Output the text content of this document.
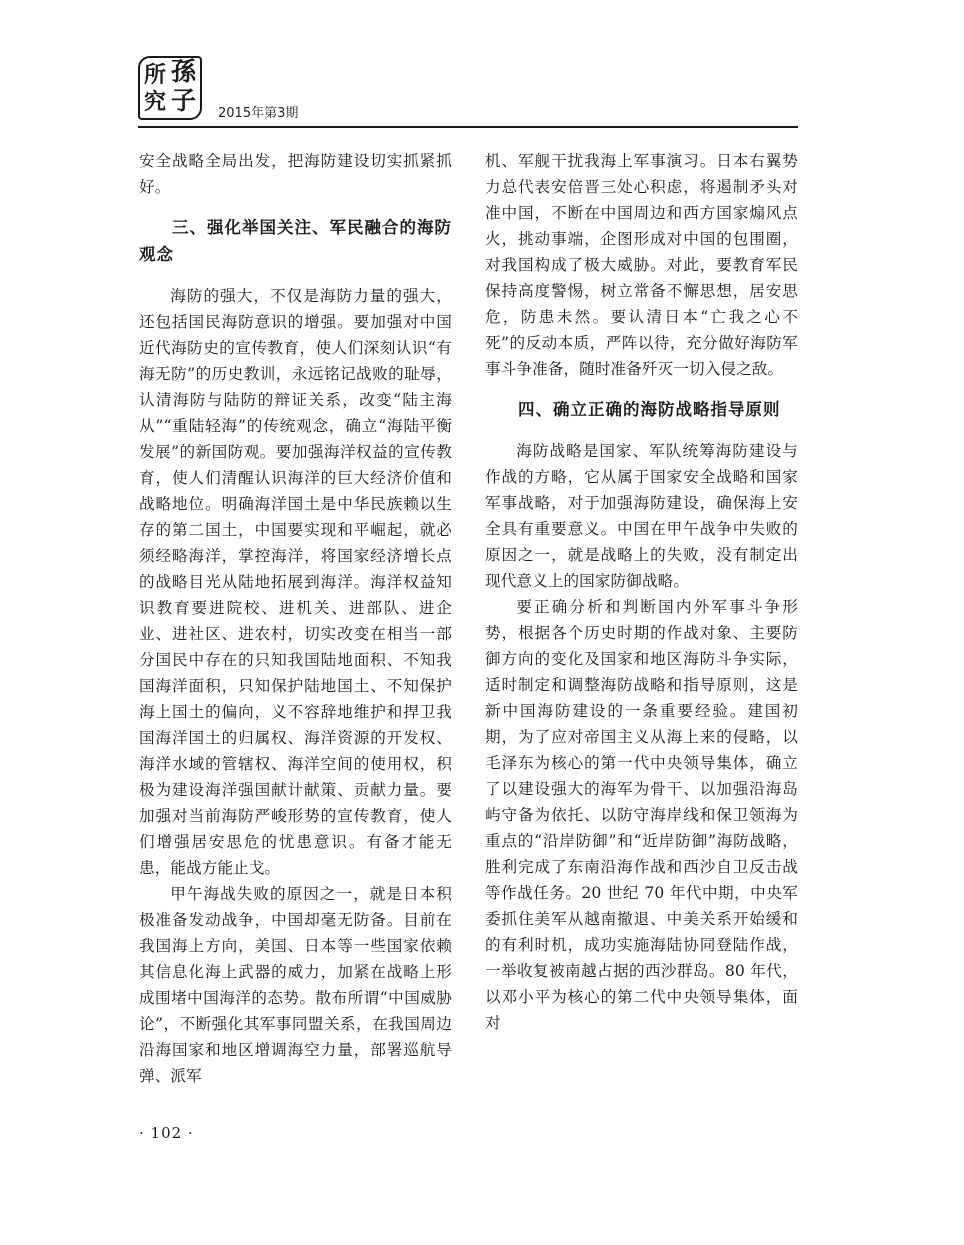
所 孫
究 子 2015年第3期

安全战略全局出发，把海防建设切实抓紧抓好。

三、强化举国关注、军民融合的海防观念

海防的强大，不仅是海防力量的强大，还包括国民海防意识的增强。要加强对中国近代海防史的宣传教育，使人们深刻认识“有海无防”的历史教训，永远铭记战败的耻辱，认清海防与陆防的辩证关系，改变“陆主海从”“重陆轻海”的传统观念，确立“海陆平衡发展”的新国防观。要加强海洋权益的宣传教育，使人们清醒认识海洋的巨大经济价值和战略地位。明确海洋国土是中华民族赖以生存的第二国土，中国要实现和平崛起，就必须经略海洋，掌控海洋，将国家经济增长点的战略目光从陆地拓展到海洋。海洋权益知识教育要进院校、进机关、进部队、进企业、进社区、进农村，切实改变在相当一部分国民中存在的只知我国陆地面积、不知我国海洋面积，只知保护陆地国土、不知保护海上国土的偏向，义不容辞地维护和捍卫我国海洋国土的归属权、海洋资源的开发权、海洋水域的管辖权、海洋空间的使用权，积极为建设海洋强国献计献策、贡献力量。要加强对当前海防严峻形势的宣传教育，使人们增强居安思危的忧患意识。有备才能无患，能战方能止戈。

甲午海战失败的原因之一，就是日本积极准备发动战争，中国却毫无防备。目前在我国海上方向，美国、日本等一些国家依赖其信息化海上武器的威力，加紧在战略上形成围堵中国海洋的态势。散布所谓“中国威胁论”，不断强化其军事同盟关系，在我国周边沿海国家和地区增调海空力量，部署巡航导弹、派军

机、军舰干扰我海上军事演习。日本右翼势力总代表安倍晋三处心积虑，将遏制矛头对准中国，不断在中国周边和西方国家煽风点火，挑动事端，企图形成对中国的包围圈，对我国构成了极大威胁。对此，要教育军民保持高度警惕，树立常备不懈思想，居安思危，防患未然。要认清日本“亡我之心不死”的反动本质，严阵以待，充分做好海防军事斗争准备，随时准备歼灭一切入侵之敌。

四、确立正确的海防战略指导原则

海防战略是国家、军队统筹海防建设与作战的方略，它从属于国家安全战略和国家军事战略，对于加强海防建设，确保海上安全具有重要意义。中国在甲午战争中失败的原因之一，就是战略上的失败，没有制定出现代意义上的国家防御战略。

要正确分析和判断国内外军事斗争形势，根据各个历史时期的作战对象、主要防御方向的变化及国家和地区海防斗争实际，适时制定和调整海防战略和指导原则，这是新中国海防建设的一条重要经验。建国初期，为了应对帝国主义从海上来的侵略，以毛泽东为核心的第一代中央领导集体，确立了以建设强大的海军为骨干、以加强沿海岛屿守备为依托、以防守海岸线和保卫领海为重点的“沿岸防御”和“近岸防御”海防战略，胜利完成了东南沿海作战和西沙自卫反击战等作战任务。20 世纪 70 年代中期，中央军委抓住美军从越南撤退、中美关系开始缓和的有利时机，成功实施海陆协同登陆作战，一举收复被南越占据的西沙群岛。80 年代，以邓小平为核心的第二代中央领导集体，面对

· 102 ·
